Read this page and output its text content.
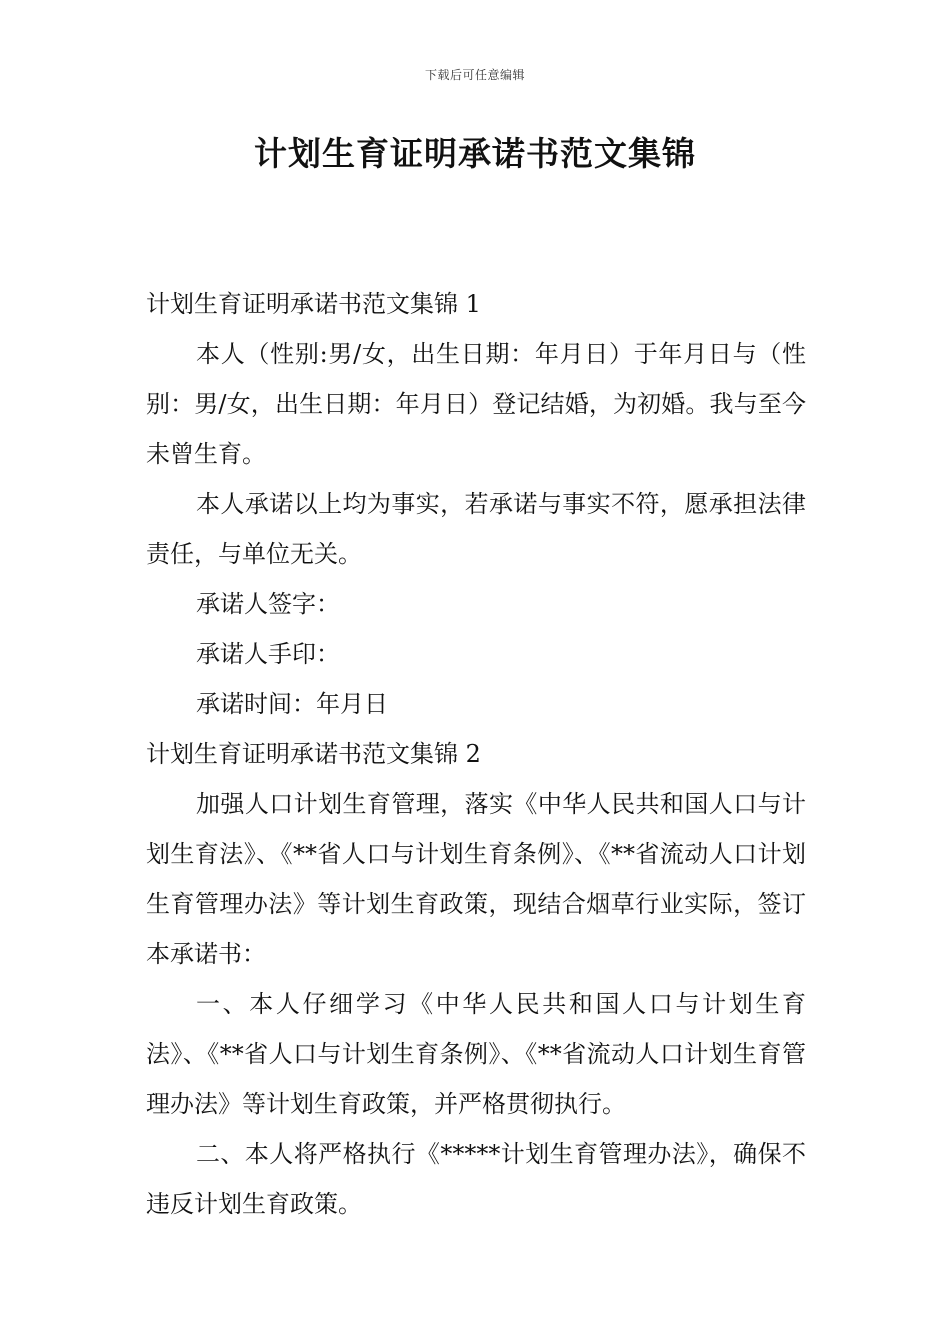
下载后可任意编辑
计划生育证明承诺书范文集锦

计划生育证明承诺书范文集锦 1

本人（性别:男/女，出生日期：年月日）于年月日与（性别：男/女，出生日期：年月日）登记结婚，为初婚。我与至今未曾生育。

本人承诺以上均为事实，若承诺与事实不符，愿承担法律责任，与单位无关。

承诺人签字：

承诺人手印：

承诺时间：年月日

计划生育证明承诺书范文集锦 2

加强人口计划生育管理，落实《中华人民共和国人口与计划生育法》、《**省人口与计划生育条例》、《**省流动人口计划生育管理办法》等计划生育政策，现结合烟草行业实际，签订本承诺书：

一、本人仔细学习《中华人民共和国人口与计划生育法》、《**省人口与计划生育条例》、《**省流动人口计划生育管理办法》等计划生育政策，并严格贯彻执行。

二、本人将严格执行《*****计划生育管理办法》，确保不违反计划生育政策。
